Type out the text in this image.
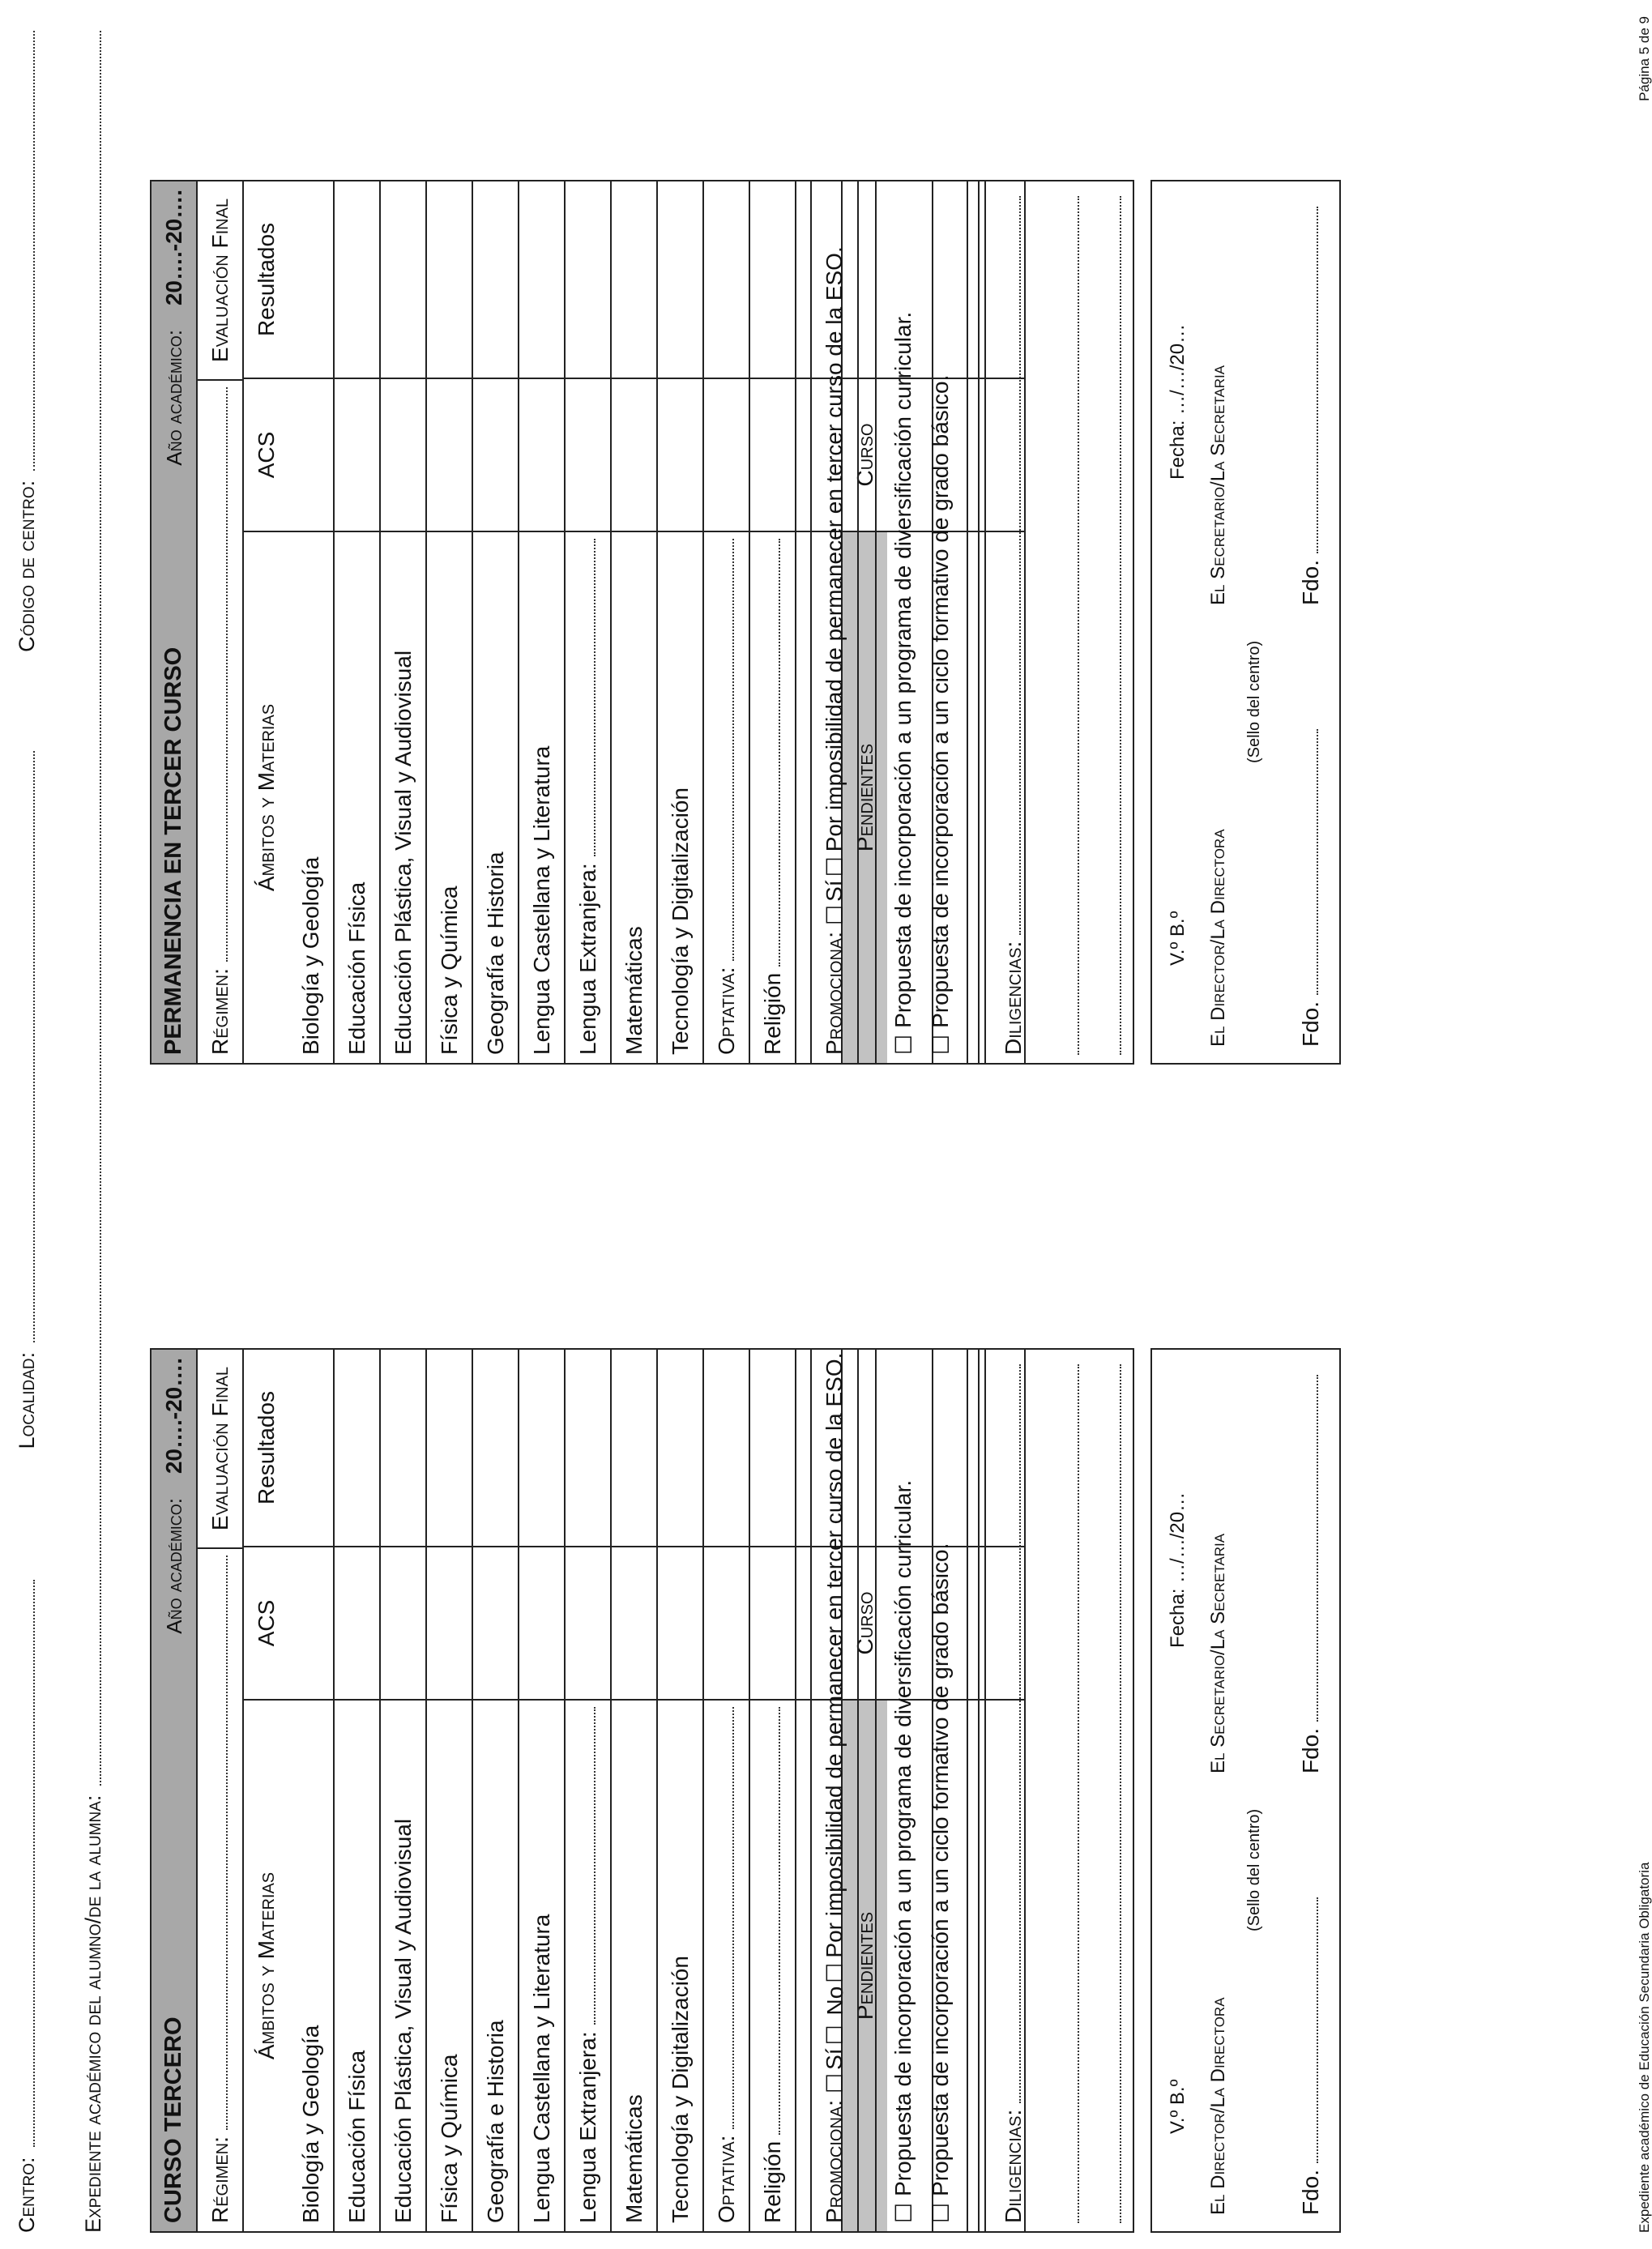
Centro:
Localidad:
Código de centro:
Expediente académico del alumno/de la alumna: CURSO TERCERO
Año académico: 20….-20….
Régimen:
Evaluación Final
Ámbitos y Materias
ACS
Resultados
Biología y Geología Educación Física Educación Plástica, Visual y Audiovisual Física y Química Geografía e Historia Lengua Castellana y Literatura Lengua Extranjera: Matemáticas Tecnología y Digitalización Optativa: Religión
Pendientes
Curso
Promociona:
☐
Sí
☐ No
☐
Por imposibilidad de permanecer en tercer curso de la ESO.
☐
Propuesta de incorporación a un programa de diversificación curricular.
☐
Propuesta de incorporación a un ciclo formativo de grado básico. Diligencias:
V.º B.º
Fecha: …/…/20…
El Director/La Directora
El Secretario/La Secretaria
(Sello del centro)
Fdo.
Fdo.
PERMANENCIA EN TERCER CURSO
Año académico: 20….-20….
Régimen:
Evaluación Final
Ámbitos y Materias
ACS
Resultados
Biología y Geología Educación Física Educación Plástica, Visual y Audiovisual Física y Química Geografía e Historia Lengua Castellana y Literatura Lengua Extranjera: Matemáticas Tecnología y Digitalización Optativa: Religión
Pendientes
Curso
Promociona:
☐
Sí
☐
Por imposibilidad de permanecer en tercer curso de la ESO.
☐
Propuesta de incorporación a un programa de diversificación curricular.
☐
Propuesta de incorporación a un ciclo formativo de grado básico. Diligencias:
V.º B.º
Fecha: …/…/20…
El Director/La Directora
El Secretario/La Secretaria
(Sello del centro)
Fdo.
Fdo.
Expediente académico de Educación Secundaria Obligatoria
Página 5 de 9
